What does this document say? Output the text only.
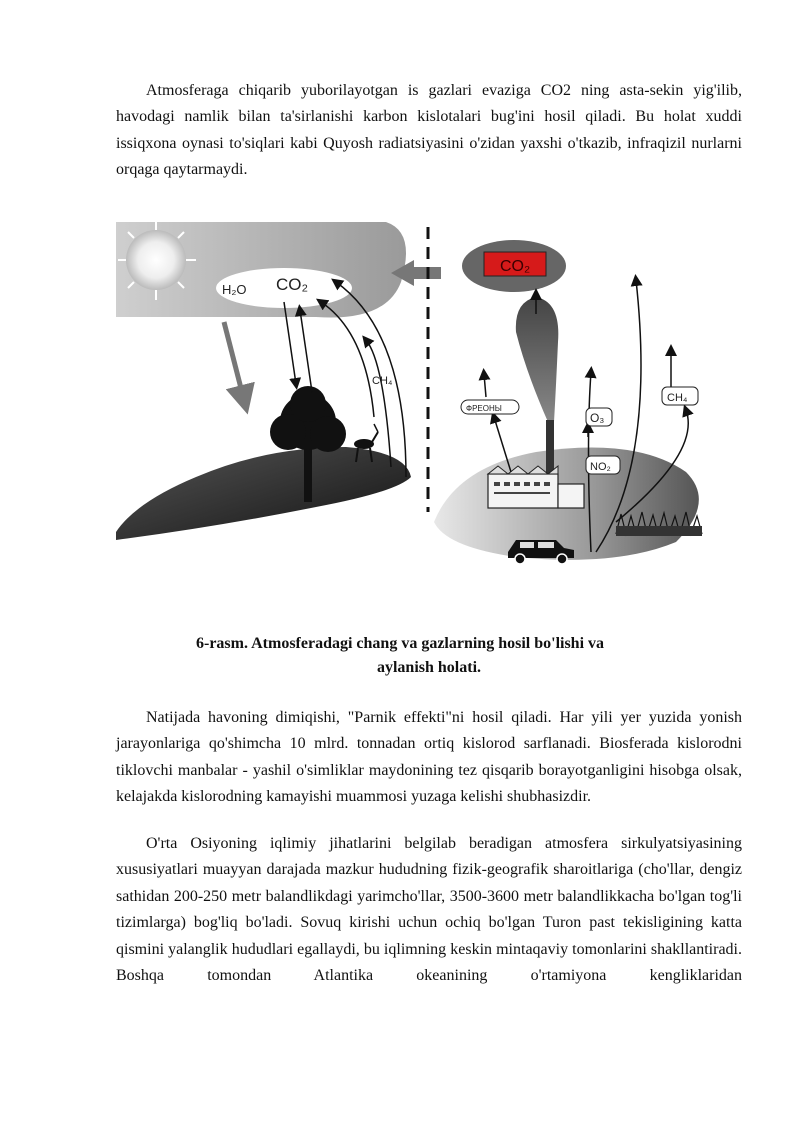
Atmosferaga chiqarib yuborilayotgan is gazlari evaziga CO2 ning asta-sekin yig'ilib, havodagi namlik bilan ta'sirlanishi karbon kislotalari bug'ini hosil qiladi. Bu holat xuddi issiqxona oynasi to'siqlari kabi Quyosh radiatsiyasini o'zidan yaxshi o'tkazib, infraqizil nurlarni orqaga qaytarmaydi.

H₂O CO₂
CH₄
CO₂
ФРЕОНЫ
O₃
NO₂
CH₄

6-rasm. Atmosferadagi chang va gazlarning hosil bo'lishi va

aylanish holati.

Natijada havoning dimiqishi, "Parnik effekti"ni hosil qiladi. Har yili yer yuzida yonish jarayonlariga qo'shimcha 10 mlrd. tonnadan ortiq kislorod sarflanadi. Biosferada kislorodni tiklovchi manbalar - yashil o'simliklar maydonining tez qisqarib borayotganligini hisobga olsak, kelajakda kislorodning kamayishi muammosi yuzaga kelishi shubhasizdir.

O'rta Osiyoning iqlimiy jihatlarini belgilab beradigan atmosfera sirkulyatsiyasining xususiyatlari muayyan darajada mazkur hududning fizik-geografik sharoitlariga (cho'llar, dengiz sathidan 200-250 metr balandlikdagi yarimcho'llar, 3500-3600 metr balandlikkacha bo'lgan tog'li tizimlarga) bog'liq bo'ladi. Sovuq kirishi uchun ochiq bo'lgan Turon past tekisligining katta qismini yalanglik hududlari egallaydi, bu iqlimning keskin mintaqaviy tomonlarini shakllantiradi. Boshqa tomondan Atlantika okeanining o'rtamiyona kengliklaridan
